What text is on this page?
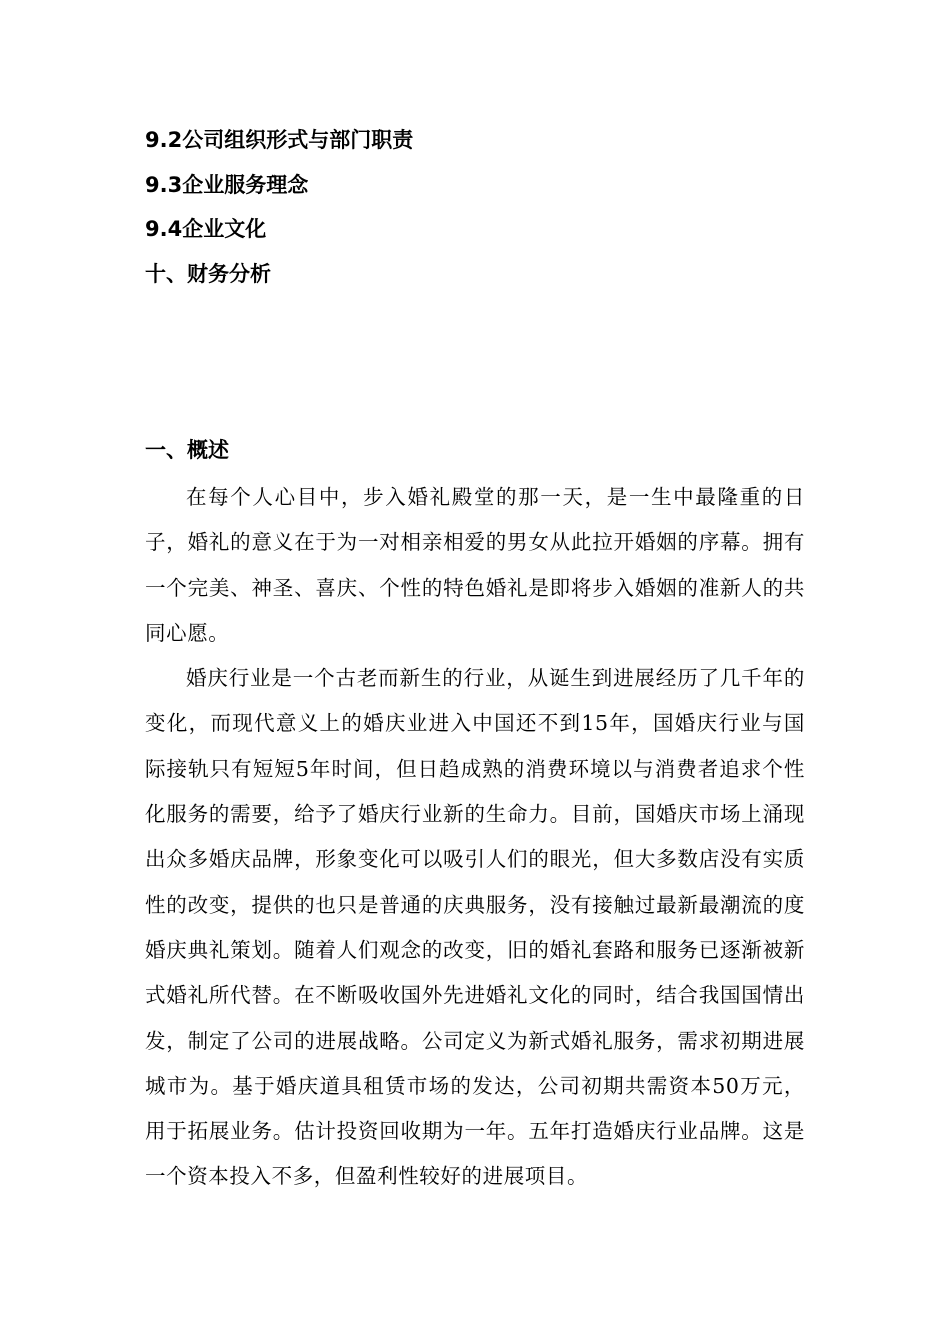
9.2公司组织形式与部门职责
9.3企业服务理念
9.4企业文化
十、财务分析
一、概述

在每个人心目中，步入婚礼殿堂的那一天，是一生中最隆重的日子，婚礼的意义在于为一对相亲相爱的男女从此拉开婚姻的序幕。拥有一个完美、神圣、喜庆、个性的特色婚礼是即将步入婚姻的准新人的共同心愿。

婚庆行业是一个古老而新生的行业，从诞生到进展经历了几千年的变化，而现代意义上的婚庆业进入中国还不到15年，国婚庆行业与国际接轨只有短短5年时间，但日趋成熟的消费环境以与消费者追求个性化服务的需要，给予了婚庆行业新的生命力。目前，国婚庆市场上涌现出众多婚庆品牌，形象变化可以吸引人们的眼光，但大多数店没有实质性的改变，提供的也只是普通的庆典服务，没有接触过最新最潮流的度婚庆典礼策划。随着人们观念的改变，旧的婚礼套路和服务已逐渐被新式婚礼所代替。在不断吸收国外先进婚礼文化的同时，结合我国国情出发，制定了公司的进展战略。公司定义为新式婚礼服务，需求初期进展城市为。基于婚庆道具租赁市场的发达，公司初期共需资本50万元，用于拓展业务。估计投资回收期为一年。五年打造婚庆行业品牌。这是一个资本投入不多，但盈利性较好的进展项目。
